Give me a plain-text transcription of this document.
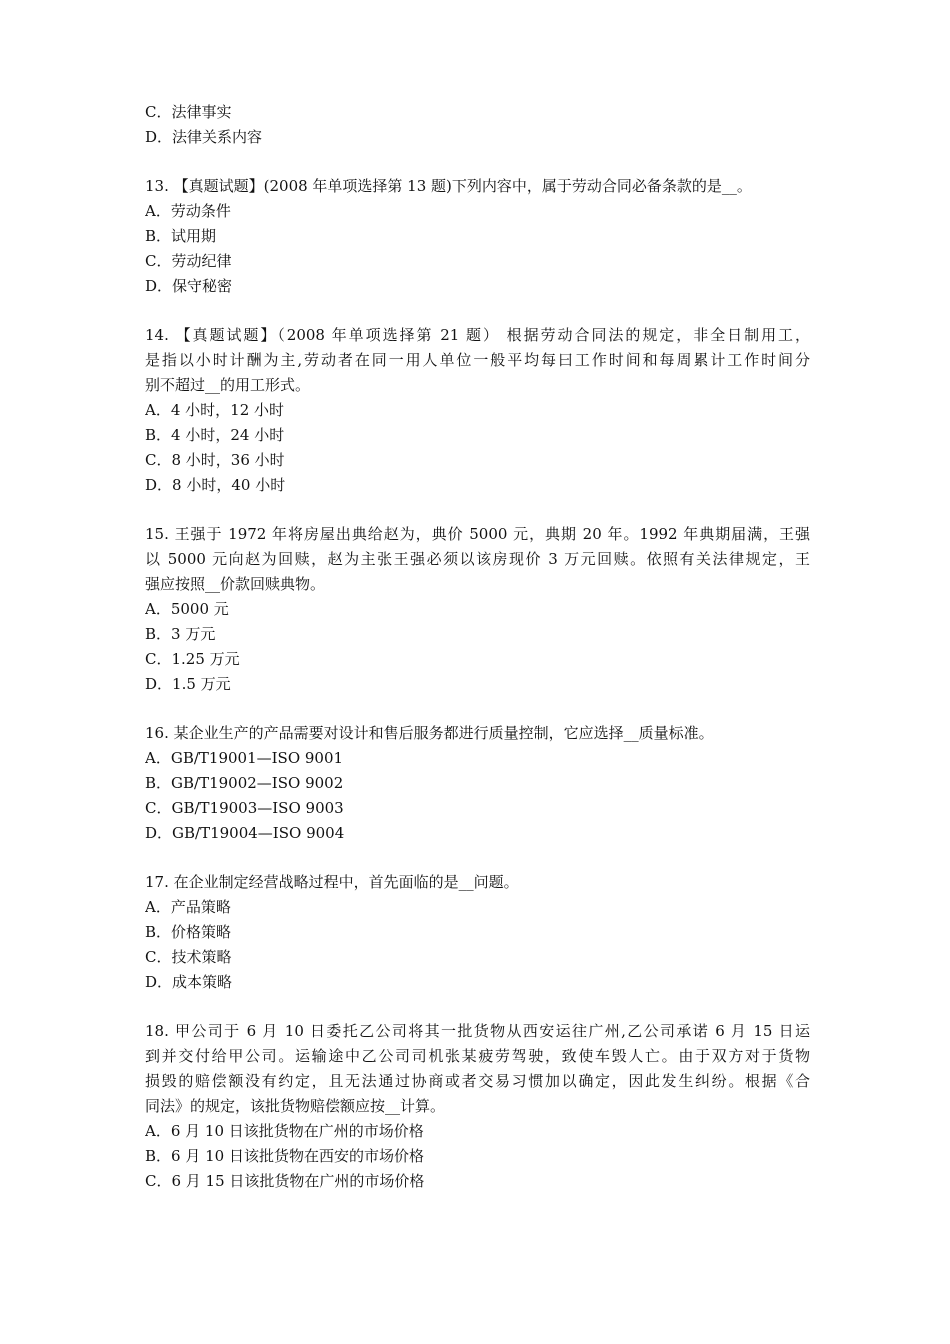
C．法律事实
D．法律关系内容
13. 【真题试题】(2008 年单项选择第 13 题)下列内容中，属于劳动合同必备条款的是__。
A．劳动条件
B．试用期
C．劳动纪律
D．保守秘密
14. 【真题试题】（2008 年单项选择第 21 题） 根据劳动合同法的规定，非全日制用工，
是指以小时计酬为主,劳动者在同一用人单位一般平均每曰工作时间和每周累计工作时间分
别不超过__的用工形式。
A．4 小时，12 小时
B．4 小时，24 小时
C．8 小时，36 小时
D．8 小时，40 小时
15. 王强于 1972 年将房屋出典给赵为，典价 5000 元，典期 20 年。1992 年典期届满，王强
以 5000 元向赵为回赎，赵为主张王强必须以该房现价 3 万元回赎。依照有关法律规定，王
强应按照__价款回赎典物。
A．5000 元
B．3 万元
C．1.25 万元
D．1.5 万元
16. 某企业生产的产品需要对设计和售后服务都进行质量控制，它应选择__质量标准。
A．GB/T19001—ISO 9001
B．GB/T19002—ISO 9002
C．GB/T19003—ISO 9003
D．GB/T19004—ISO 9004
17. 在企业制定经营战略过程中，首先面临的是__问题。
A．产品策略
B．价格策略
C．技术策略
D．成本策略
18. 甲公司于 6 月 10 日委托乙公司将其一批货物从西安运往广州,乙公司承诺 6 月 15 日运
到并交付给甲公司。运输途中乙公司司机张某疲劳驾驶，致使车毁人亡。由于双方对于货物
损毁的赔偿额没有约定，且无法通过协商或者交易习惯加以确定，因此发生纠纷。根据《合
同法》的规定，该批货物赔偿额应按__计算。
A．6 月 10 日该批货物在广州的市场价格
B．6 月 10 日该批货物在西安的市场价格
C．6 月 15 日该批货物在广州的市场价格
